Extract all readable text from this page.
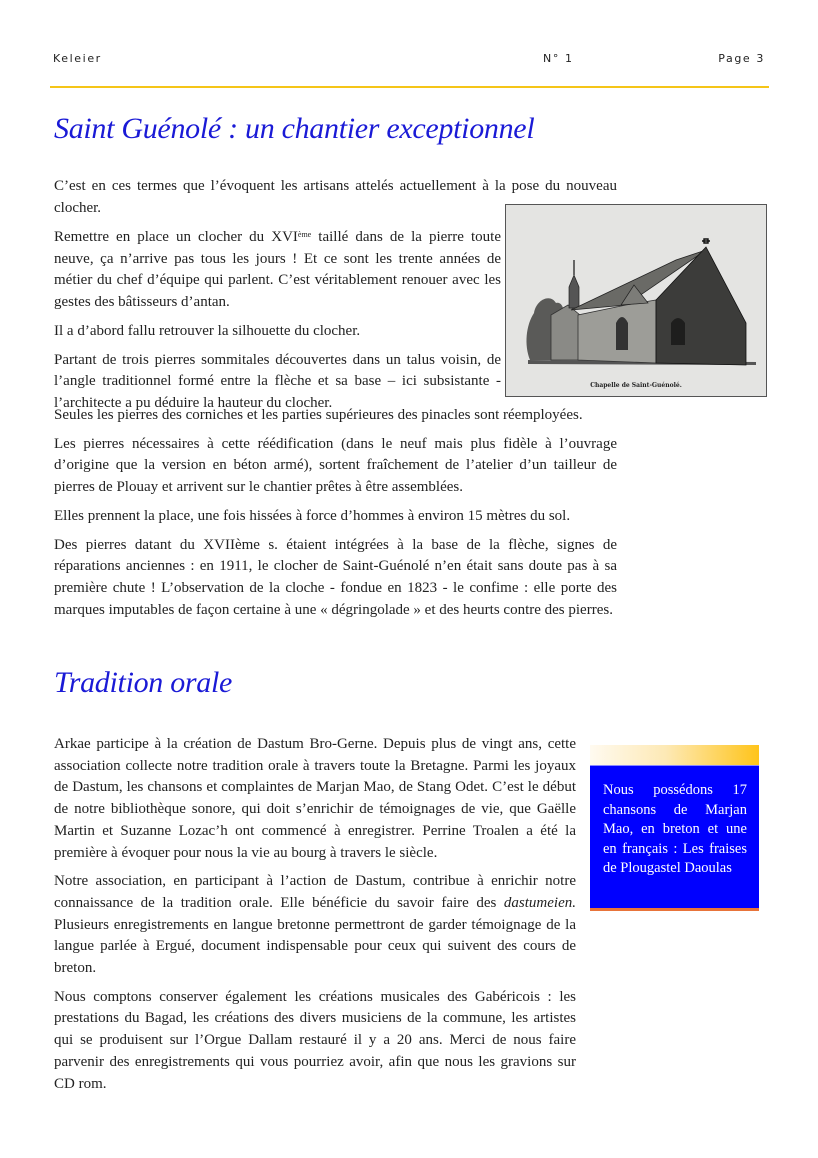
Keleier	N° 1	Page 3
Saint Guénolé : un chantier exceptionnel

C’est en ces termes que l’évoquent les artisans attelés actuellement à la pose du nouveau clocher.

Remettre en place un clocher du XVIème taillé dans de la pierre toute neuve, ça n’arrive pas tous les jours ! Et ce sont les trente années de métier du chef d’équipe qui parlent. C’est véritablement renouer avec les gestes des bâtisseurs d’antan.

Il a d’abord fallu retrouver la silhouette du clocher.

Partant de trois pierres sommitales découvertes dans un talus voisin, de l’angle traditionnel formé entre la flèche et sa base – ici subsistante - l’architecte a pu déduire la hauteur du clocher.

Chapelle de Saint-Guénolé.

Seules les pierres des corniches et les parties supérieures des pinacles sont réemployées.

Les pierres nécessaires à cette réédification (dans le neuf mais plus fidèle à l’ouvrage d’origine que la version en béton armé), sortent fraîchement de l’atelier d’un tailleur de pierres de Plouay et arrivent sur le chantier prêtes à être assemblées.

Elles prennent la place, une fois hissées à force d’hommes à environ 15 mètres du sol.

Des pierres datant du XVIIème s. étaient intégrées à la base de la flèche, signes de réparations anciennes : en 1911, le clocher de Saint-Guénolé n’en était sans doute pas à sa première chute ! L’observation de la cloche - fondue en 1823 - le confime : elle porte des marques imputables de façon certaine à une « dégringolade » et des heurts contre des pierres.

Tradition orale

Arkae participe à la création de Dastum Bro-Gerne. Depuis plus de vingt ans, cette association collecte notre tradition orale à travers toute la Bretagne. Parmi les joyaux de Dastum, les chansons et complaintes de Marjan Mao, de Stang Odet. C’est le début de notre bibliothèque sonore, qui doit s’enrichir de témoignages de vie, que Gaëlle Martin et Suzanne Lozac’h ont commencé à enregistrer. Perrine Troalen a été la première à évoquer pour nous la vie au bourg à travers le siècle.

Notre association, en participant à l’action de Dastum, contribue à enrichir notre connaissance de la tradition orale. Elle bénéficie du savoir faire des dastumeien. Plusieurs enregistrements en langue bretonne permettront de garder témoignage de la langue parlée à Ergué, document indispensable pour ceux qui suivent des cours de breton.

Nous comptons conserver également les créations musicales des Gabéricois : les prestations du Bagad, les créations des divers musiciens de la commune, les artistes qui se produisent sur l’Orgue Dallam restauré il y a 20 ans. Merci de nous faire parvenir des enregistrements qui vous pourriez avoir, afin que nous les gravions sur CD rom.

Nous possédons 17 chansons de Marjan Mao, en breton et une en français : Les fraises de Plougastel Daoulas
